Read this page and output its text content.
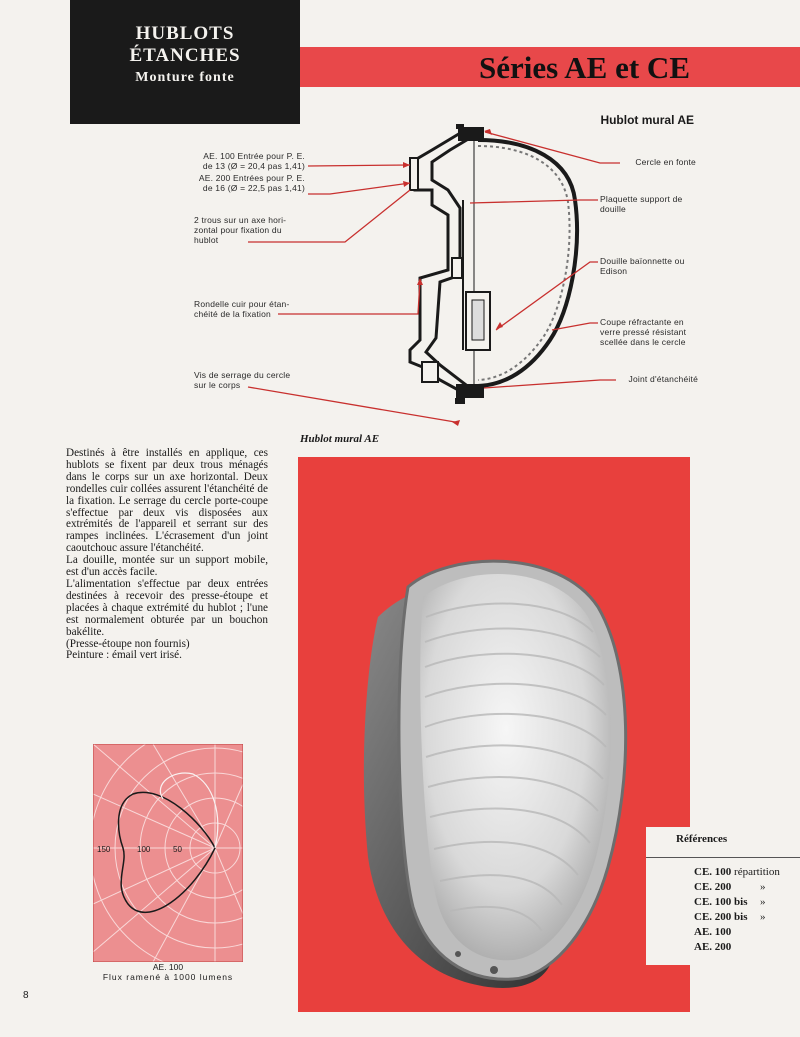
HUBLOTS
ÉTANCHES
Monture fonte	Séries AE et CE
Hublot mural AE
AE. 100 Entrée pour P. E.
de 13 (Ø = 20,4 pas 1,41)
AE. 200 Entrées pour P. E.
de 16 (Ø = 22,5 pas 1,41)
2 trous sur un axe hori-
zontal pour fixation du
hublot
Rondelle cuir pour étan-
chéité de la fixation
Vis de serrage du cercle
sur le corps
Cercle en fonte
Plaquette support de
douille
Douille baïonnette ou
Edison
Coupe réfractante en
verre pressé résistant
scellée dans le cercle
Joint d'étanchéité
Hublot mural AE

Destinés à être installés en applique, ces hublots se fixent par deux trous ménagés dans le corps sur un axe horizontal. Deux rondelles cuir collées assurent l'étanchéité de la fixation. Le serrage du cercle porte-coupe s'effectue par deux vis disposées aux extrémités de l'appareil et serrant sur des rampes inclinées. L'écrasement d'un joint caoutchouc assure l'étanchéité.

La douille, montée sur un support mobile, est d'un accès facile.

L'alimentation s'effectue par deux entrées destinées à recevoir des presse-étoupe et placées à chaque extrémité du hublot ; l'une est normalement obturée par un bouchon bakélite.

(Presse-étoupe non fournis)

Peinture : émail vert irisé.

Références
CE. 100 répartition
CE. 200	»
CE. 100 bis »
CE. 200 bis »
AE. 100
AE. 200
150	100	50
AE. 100
Flux ramené à 1000 lumens
8
